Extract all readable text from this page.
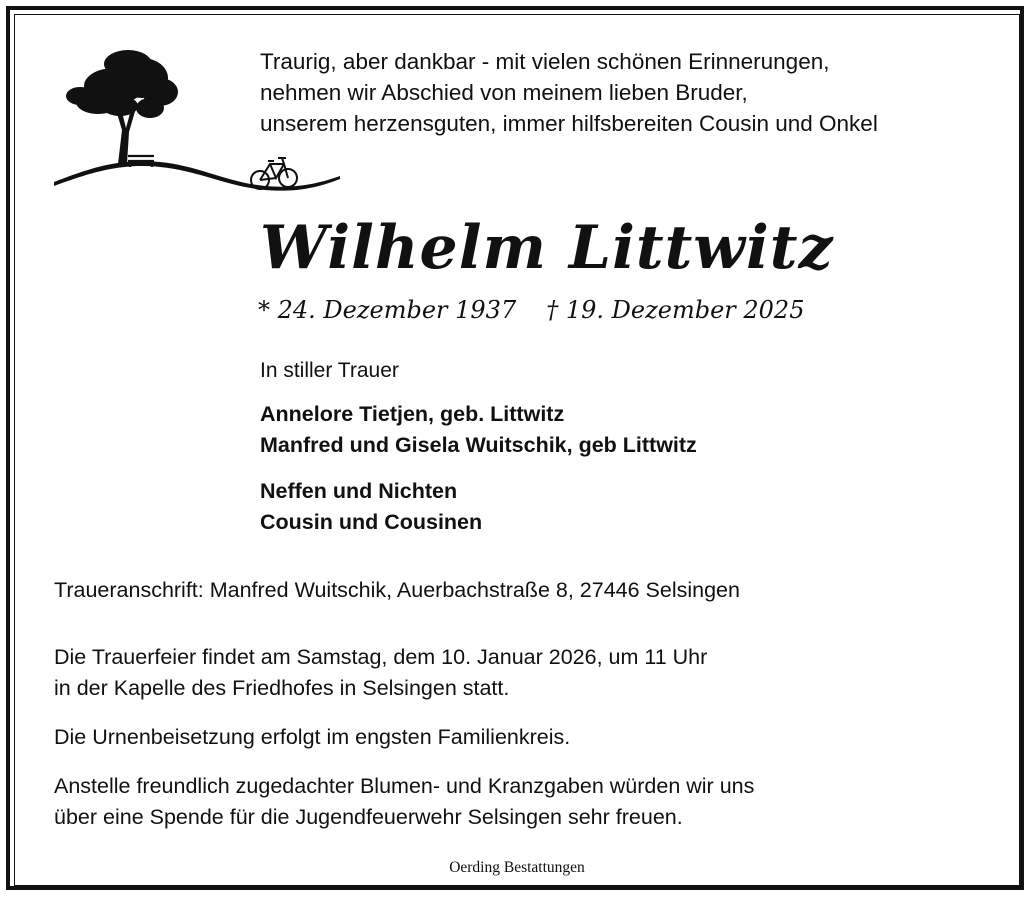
Traurig, aber dankbar - mit vielen schönen Erinnerungen,
nehmen wir Abschied von meinem lieben Bruder,
unserem herzensguten, immer hilfsbereiten Cousin und Onkel

Wilhelm Littwitz
* 24. Dezember 1937 † 19. Dezember 2025
In stiller Trauer
Annelore Tietjen, geb. Littwitz
Manfred und Gisela Wuitschik, geb Littwitz
Neffen und Nichten
Cousin und Cousinen
Traueranschrift: Manfred Wuitschik, Auerbachstraße 8, 27446 Selsingen

Die Trauerfeier findet am Samstag, dem 10. Januar 2026, um 11 Uhr
in der Kapelle des Friedhofes in Selsingen statt.

Die Urnenbeisetzung erfolgt im engsten Familienkreis.

Anstelle freundlich zugedachter Blumen- und Kranzgaben würden wir uns
über eine Spende für die Jugendfeuerwehr Selsingen sehr freuen.

Oerding Bestattungen
